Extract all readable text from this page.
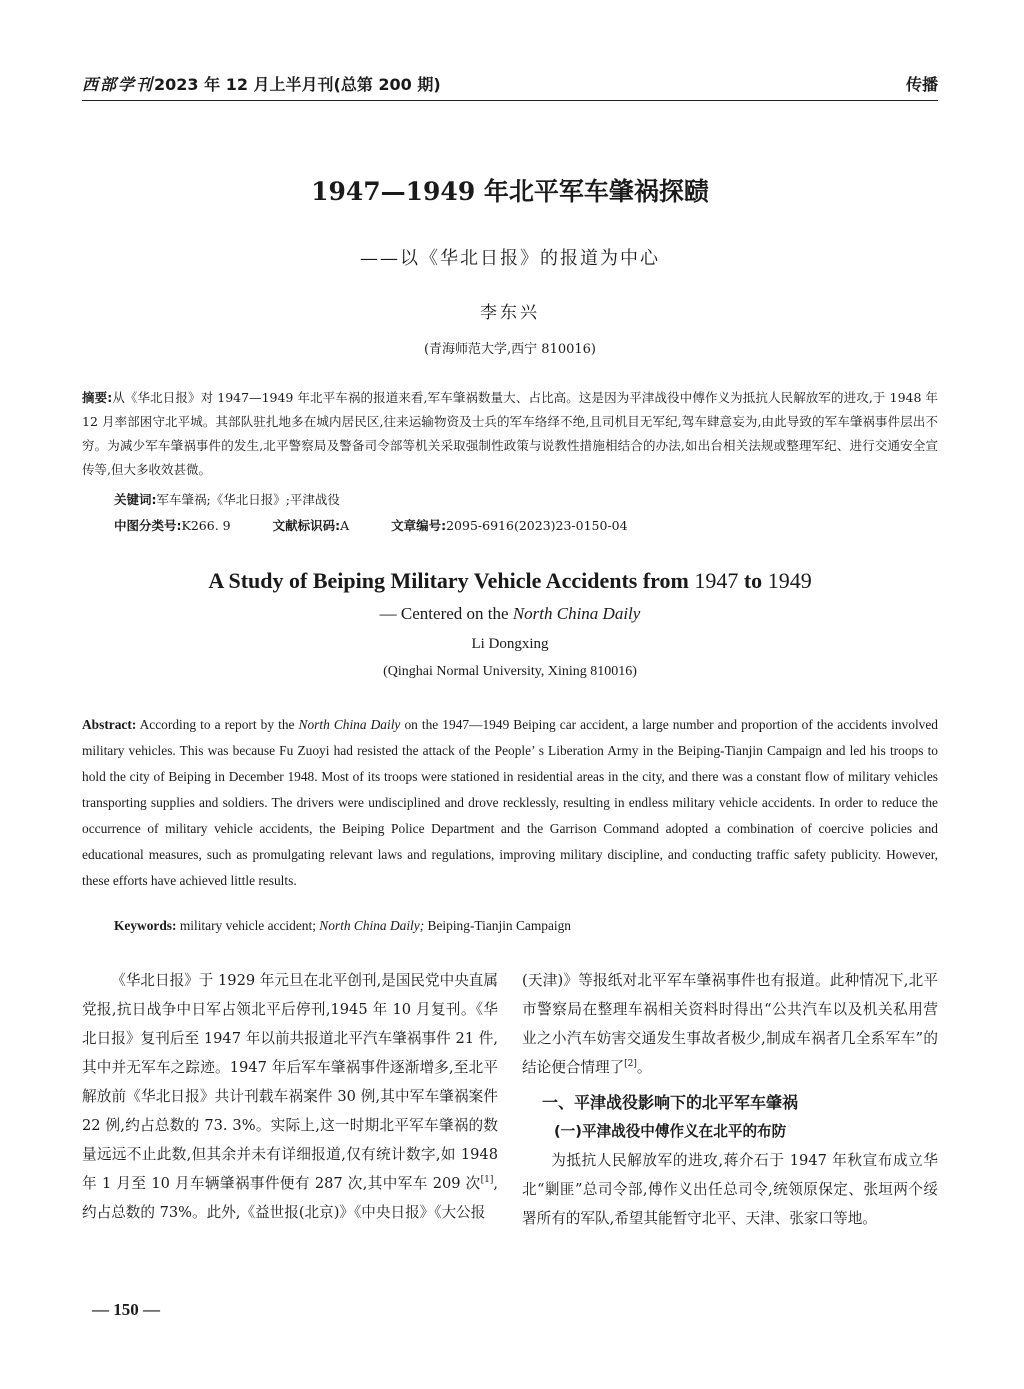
西部学刊2023 年 12 月上半月刊(总第 200 期)	传播
1947—1949 年北平军车肇祸探赜
——以《华北日报》的报道为中心
李东兴
(青海师范大学,西宁 810016)
摘要:从《华北日报》对 1947—1949 年北平车祸的报道来看,军车肇祸数量大、占比高。这是因为平津战役中傅作义为抵抗人民解放军的进攻,于 1948 年 12 月率部困守北平城。其部队驻扎地多在城内居民区,往来运输物资及士兵的军车络绎不绝,且司机目无军纪,驾车肆意妄为,由此导致的军车肇祸事件层出不穷。为减少军车肇祸事件的发生,北平警察局及警备司令部等机关采取强制性政策与说教性措施相结合的办法,如出台相关法规或整理军纪、进行交通安全宣传等,但大多收效甚微。
关键词:军车肇祸;《华北日报》;平津战役
中图分类号:K266. 9	文献标识码:A	文章编号:2095-6916(2023)23-0150-04
A Study of Beiping Military Vehicle Accidents from 1947 to 1949
— Centered on the North China Daily
Li Dongxing
(Qinghai Normal University, Xining 810016)
Abstract: According to a report by the North China Daily on the 1947—1949 Beiping car accident, a large number and proportion of the accidents involved military vehicles. This was because Fu Zuoyi had resisted the attack of the People’ s Liberation Army in the Beiping-Tianjin Campaign and led his troops to hold the city of Beiping in December 1948. Most of its troops were stationed in residential areas in the city, and there was a constant flow of military vehicles transporting supplies and soldiers. The drivers were undisciplined and drove recklessly, resulting in endless military vehicle accidents. In order to reduce the occurrence of military vehicle accidents, the Beiping Police Department and the Garrison Command adopted a combination of coercive policies and educational measures, such as promulgating relevant laws and regulations, improving military discipline, and conducting traffic safety publicity. However, these efforts have achieved little results.
Keywords: military vehicle accident; North China Daily; Beiping-Tianjin Campaign

《华北日报》于 1929 年元旦在北平创刊,是国民党中央直属党报,抗日战争中日军占领北平后停刊,1945 年 10 月复刊。《华北日报》复刊后至 1947 年以前共报道北平汽车肇祸事件 21 件,其中并无军车之踪迹。1947 年后军车肇祸事件逐渐增多,至北平解放前《华北日报》共计刊载车祸案件 30 例,其中军车肇祸案件 22 例,约占总数的 73. 3%。实际上,这一时期北平军车肇祸的数量远远不止此数,但其余并未有详细报道,仅有统计数字,如 1948 年 1 月至 10 月车辆肇祸事件便有 287 次,其中军车 209 次[1],约占总数的 73%。此外,《益世报(北京)》《中央日报》《大公报

(天津)》等报纸对北平军车肇祸事件也有报道。此种情况下,北平市警察局在整理车祸相关资料时得出“公共汽车以及机关私用营业之小汽车妨害交通发生事故者极少,制成车祸者几全系军车”的结论便合情理了[2]。

一、平津战役影响下的北平军车肇祸
(一)平津战役中傅作义在北平的布防

为抵抗人民解放军的进攻,蒋介石于 1947 年秋宣布成立华北“剿匪”总司令部,傅作义出任总司令,统领原保定、张垣两个绥署所有的军队,希望其能暂守北平、天津、张家口等地。

— 150 —
